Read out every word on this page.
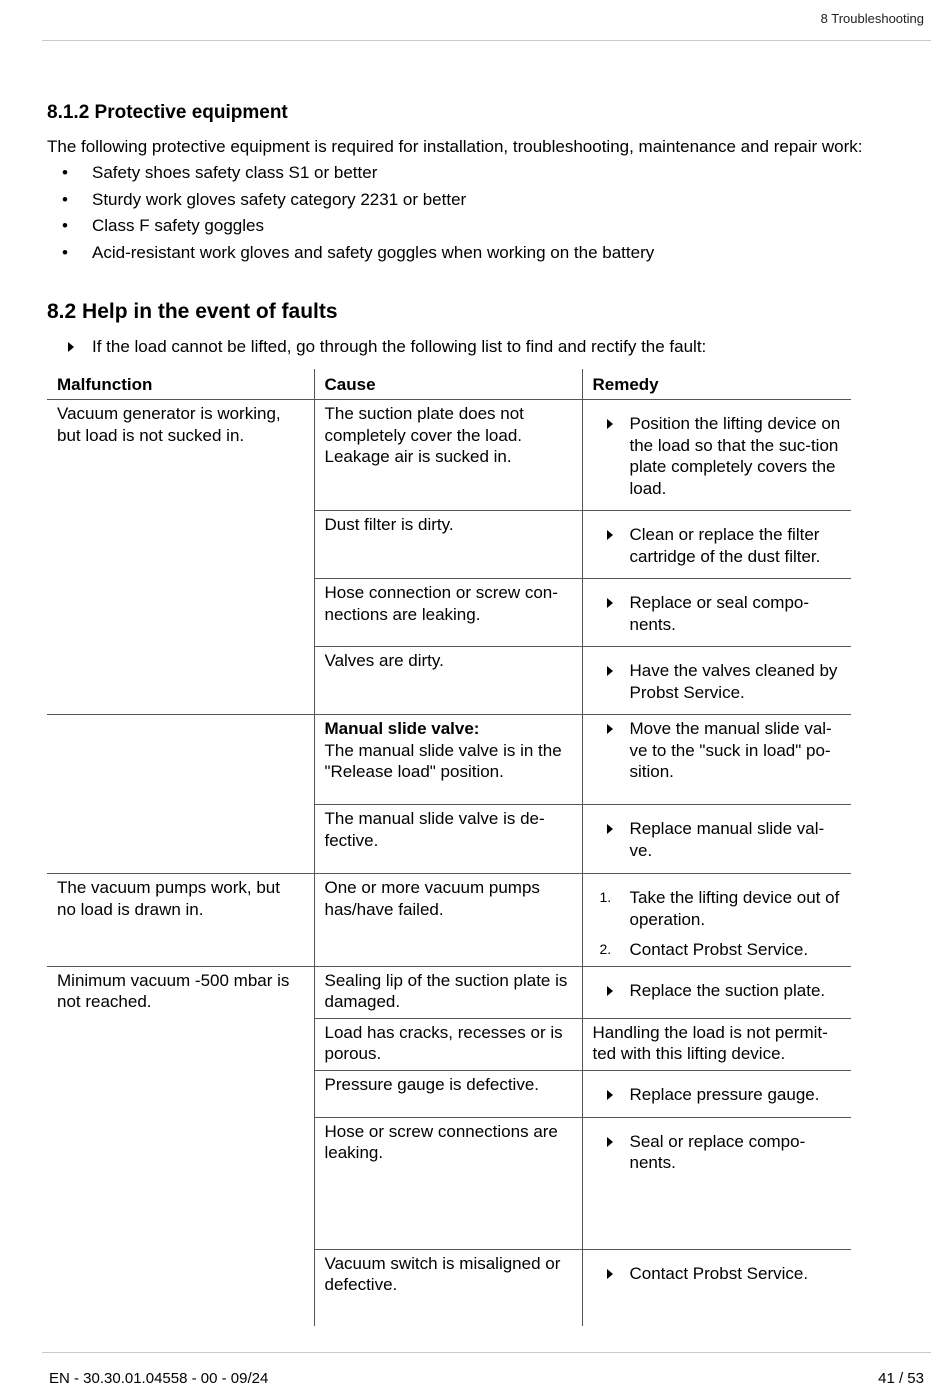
8 Troubleshooting
8.1.2 Protective equipment

The following protective equipment is required for installation, troubleshooting, maintenance and repair work:

• Safety shoes safety class S1 or better
• Sturdy work gloves safety category 2231 or better
• Class F safety goggles
• Acid-resistant work gloves and safety goggles when working on the battery
8.2 Help in the event of faults
If the load cannot be lifted, go through the following list to find and rectify the fault:
Malfunction	Cause	Remedy
Vacuum generator is working, but load is not sucked in.	The suction plate does not completely cover the load. Leakage air is sucked in.	Position the lifting device on the load so that the suc-tion plate completely covers the load.

	Dust filter is dirty.	Clean or replace the filter cartridge of the dust filter.

	Hose connection or screw con-nections are leaking.	Replace or seal compo-nents.

	Valves are dirty.	Have the valves cleaned by Probst Service.

	Manual slide valve:
The manual slide valve is in the "Release load" position.	Move the manual slide val-ve to the "suck in load" po-sition.

	The manual slide valve is de-fective.	Replace manual slide val-ve.

The vacuum pumps work, but no load is drawn in.	One or more vacuum pumps has/have failed.	1. Take the lifting device out of operation.
2. Contact Probst Service.

Minimum vacuum -500 mbar is not reached.	Sealing lip of the suction plate is damaged.	Replace the suction plate.

	Load has cracks, recesses or is porous.	Handling the load is not permit-ted with this lifting device.
	Pressure gauge is defective.	Replace pressure gauge.

	Hose or screw connections are leaking.	Seal or replace compo-nents.

	Vacuum switch is misaligned or defective.	Contact Probst Service.
EN - 30.30.01.04558 - 00 - 09/24	41 / 53
